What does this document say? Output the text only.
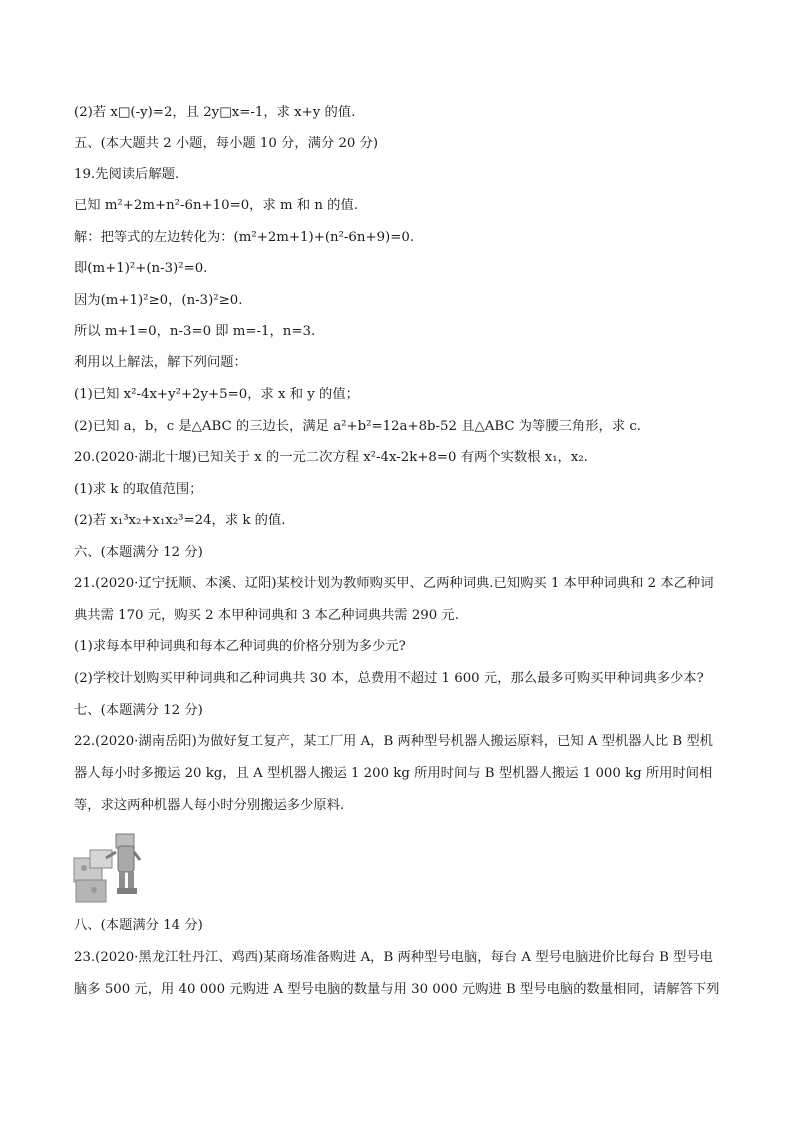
(2)若 x□(-y)=2，且 2y□x=-1，求 x+y 的值.
五、(本大题共 2 小题，每小题 10 分，满分 20 分)
19.先阅读后解题.
已知 m²+2m+n²-6n+10=0，求 m 和 n 的值.
解：把等式的左边转化为：(m²+2m+1)+(n²-6n+9)=0.
即(m+1)²+(n-3)²=0.
因为(m+1)²≥0，(n-3)²≥0.
所以 m+1=0，n-3=0 即 m=-1，n=3.
利用以上解法，解下列问题：
(1)已知 x²-4x+y²+2y+5=0，求 x 和 y 的值；
(2)已知 a，b，c 是△ABC 的三边长，满足 a²+b²=12a+8b-52 且△ABC 为等腰三角形，求 c.
20.(2020·湖北十堰)已知关于 x 的一元二次方程 x²-4x-2k+8=0 有两个实数根 x₁，x₂.
(1)求 k 的取值范围；
(2)若 x₁³x₂+x₁x₂³=24，求 k 的值.
六、(本题满分 12 分)
21.(2020·辽宁抚顺、本溪、辽阳)某校计划为教师购买甲、乙两种词典.已知购买 1 本甲种词典和 2 本乙种词
典共需 170 元，购买 2 本甲种词典和 3 本乙种词典共需 290 元.
(1)求每本甲种词典和每本乙种词典的价格分别为多少元?
(2)学校计划购买甲种词典和乙种词典共 30 本，总费用不超过 1 600 元，那么最多可购买甲种词典多少本?
七、(本题满分 12 分)
22.(2020·湖南岳阳)为做好复工复产，某工厂用 A，B 两种型号机器人搬运原料，已知 A 型机器人比 B 型机
器人每小时多搬运 20 kg，且 A 型机器人搬运 1 200 kg 所用时间与 B 型机器人搬运 1 000 kg 所用时间相
等，求这两种机器人每小时分别搬运多少原料.
八、(本题满分 14 分)
23.(2020·黑龙江牡丹江、鸡西)某商场准备购进 A，B 两种型号电脑，每台 A 型号电脑进价比每台 B 型号电
脑多 500 元，用 40 000 元购进 A 型号电脑的数量与用 30 000 元购进 B 型号电脑的数量相同，请解答下列
